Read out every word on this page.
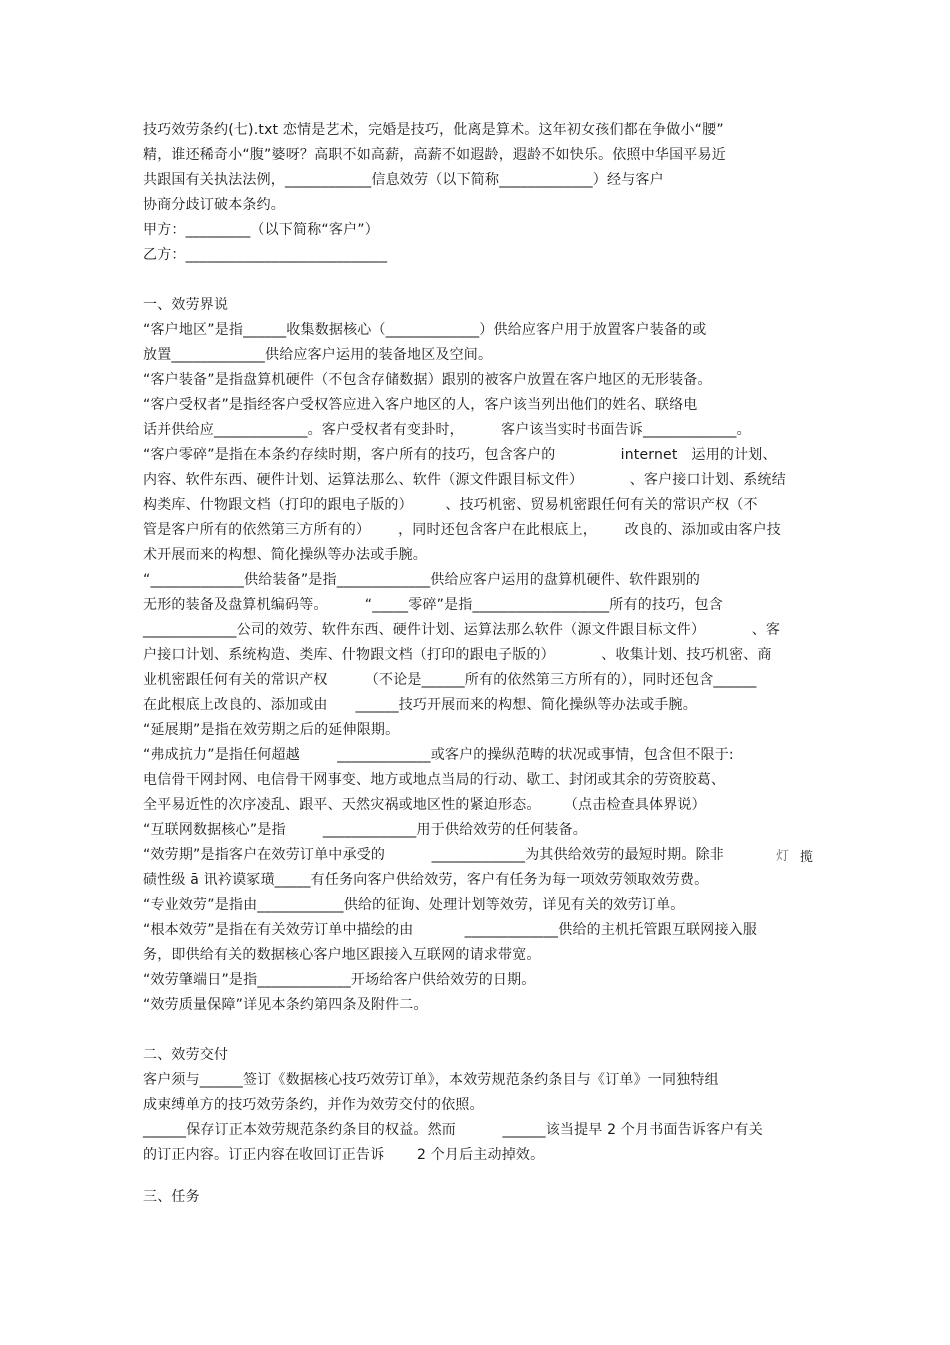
技巧效劳条约(七).txt 恋情是艺术，完婚是技巧，仳离是算术。这年初女孩们都在争做小“腰”
精，谁还稀奇小“腹”婆呀？高职不如高薪，高薪不如遐龄，遐龄不如快乐。依照中华国平易近
共跟国有关执法法例，____________信息效劳（以下简称_____________）经与客户
协商分歧订破本条约。
甲方：_________（以下简称“客户”）
乙方：____________________________
一、效劳界说
“客户地区”是指______收集数据核心（_____________）供给应客户用于放置客户装备的或
放置_____________供给应客户运用的装备地区及空间。
“客户装备”是指盘算机硬件（不包含存储数据）跟别的被客户放置在客户地区的无形装备。
“客户受权者”是指经客户受权答应进入客户地区的人，客户该当列出他们的姓名、联络电
话并供给应_____________。客户受权者有变卦时，        客户该当实时书面告诉_____________。
“客户零碎”是指在本条约存续时期，客户所有的技巧，包含客户的              internet   运用的计划、
内容、软件东西、硬件计划、运算法那么、软件（源文件跟目标文件）          、客户接口计划、系统结
构类库、什物跟文档（打印的跟电子版的）       、技巧机密、贸易机密跟任何有关的常识产权（不
管是客户所有的依然第三方所有的）      ，同时还包含客户在此根底上，      改良的、添加或由客户技
术开展而来的构想、简化操纵等办法或手腕。
“_____________供给装备”是指_____________供给应客户运用的盘算机硬件、软件跟别的
无形的装备及盘算机编码等。        “_____零碎”是指___________________所有的技巧，包含
_____________公司的效劳、软件东西、硬件计划、运算法那么软件（源文件跟目标文件）          、客
户接口计划、系统构造、类库、什物跟文档（打印的跟电子版的）          、收集计划、技巧机密、商
业机密跟任何有关的常识产权        （不论是______所有的依然第三方所有的），同时还包含______
在此根底上改良的、添加或由      ______技巧开展而来的构想、简化操纵等办法或手腕。
“延展期”是指在效劳期之后的延伸限期。
“弗成抗力”是指任何超越        _____________或客户的操纵范畴的状况或事情，包含但不限于:
电信骨干网封网、电信骨干网事变、地方或地点当局的行动、歇工、封闭或其余的劳资胶葛、
全平易近性的次序凌乱、跟平、天然灾祸或地区性的紧迫形态。     （点击检查具体界说）
“互联网数据核心”是指        _____________用于供给效劳的任何装备。
“效劳期”是指客户在效劳订单中承受的          _____________为其供给效劳的最短时期。除非
碛性级 ā 讯衿谟冢璜_____有任务向客户供给效劳，客户有任务为每一项效劳领取效劳费。
“专业效劳”是指由____________供给的征询、处理计划等效劳，详见有关的效劳订单。
“根本效劳”是指在有关效劳订单中描绘的由           _____________供给的主机托管跟互联网接入服
务，即供给有关的数据核心客户地区跟接入互联网的请求带宽。
“效劳肇端日”是指_____________开场给客户供给效劳的日期。
“效劳质量保障”详见本条约第四条及附件二。
二、效劳交付
客户须与______签订《数据核心技巧效劳订单》，本效劳规范条约条目与《订单》一同独特组
成束缚单方的技巧效劳条约，并作为效劳交付的依照。
______保存订正本效劳规范条约条目的权益。然而          ______该当提早 2 个月书面告诉客户有关
的订正内容。订正内容在收回订正告诉       2 个月后主动掉效。
三、任务
灯 揽
